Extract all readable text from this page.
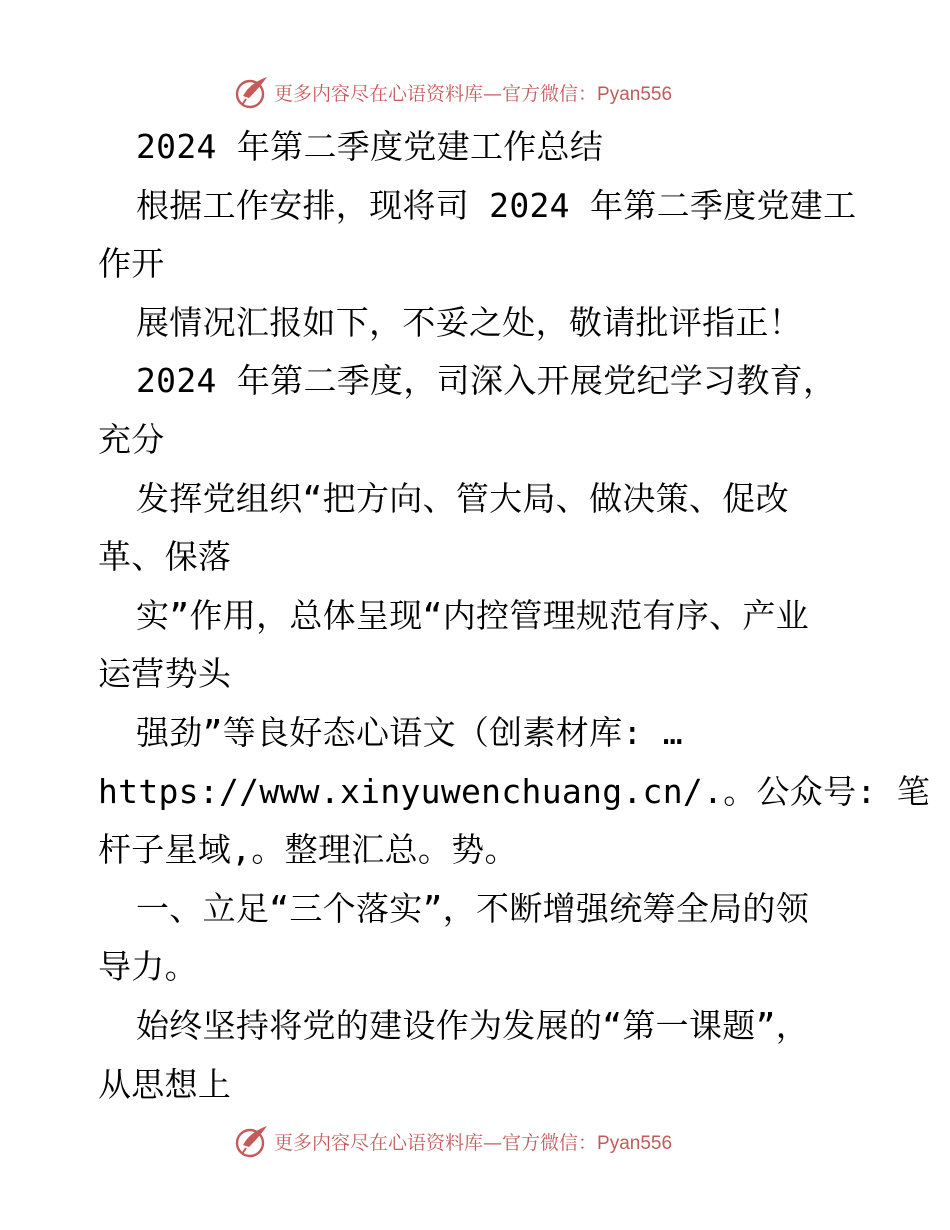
更多内容尽在心语资料库—官方微信：Pyan556
2024 年第二季度党建工作总结
根据工作安排，现将司 2024 年第二季度党建工
作开
展情况汇报如下，不妥之处，敬请批评指正！
2024 年第二季度，司深入开展党纪学习教育，
充分
发挥党组织“把方向、管大局、做决策、促改
革、保落
实”作用，总体呈现“内控管理规范有序、产业
运营势头
强劲”等良好态心语文（创素材库: …
https://www.xinyuwenchuang.cn/.。公众号: 笔
杆子星域,。整理汇总。势。
一、立足“三个落实”，不断增强统筹全局的领
导力。
始终坚持将党的建设作为发展的“第一课题”，
从思想上
更多内容尽在心语资料库—官方微信：Pyan556
